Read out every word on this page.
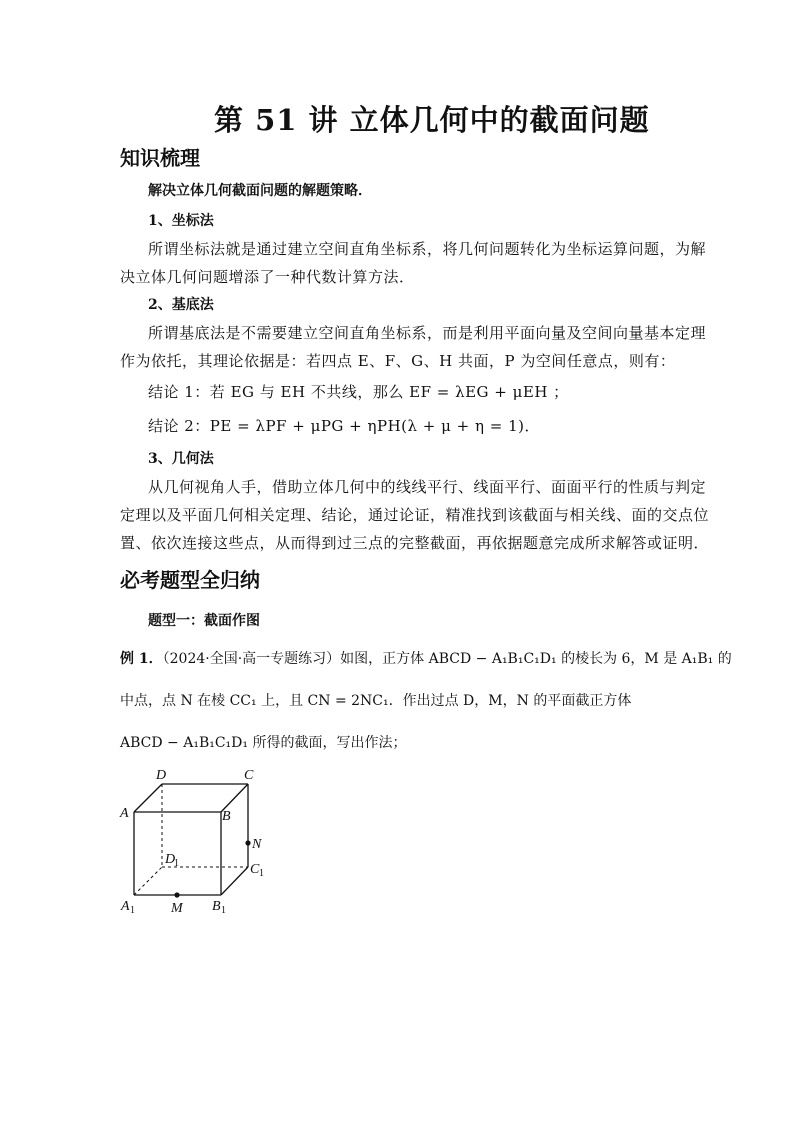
第 51 讲 立体几何中的截面问题
知识梳理
解决立体几何截面问题的解题策略．
1、坐标法
所谓坐标法就是通过建立空间直角坐标系，将几何问题转化为坐标运算问题，为解
决立体几何问题增添了一种代数计算方法．
2、基底法
所谓基底法是不需要建立空间直角坐标系，而是利用平面向量及空间向量基本定理
作为依托，其理论依据是：若四点 E、F、G、H 共面，P 为空间任意点，则有：
结论 1：若 EG 与 EH 不共线，那么 EF = λEG + μEH ；
结论 2：PE = λPF + μPG + ηPH(λ + μ + η = 1)．
3、几何法
从几何视角人手，借助立体几何中的线线平行、线面平行、面面平行的性质与判定
定理以及平面几何相关定理、结论，通过论证，精准找到该截面与相关线、面的交点位
置、依次连接这些点，从而得到过三点的完整截面，再依据题意完成所求解答或证明．
必考题型全归纳
题型一：截面作图
例 1．（2024·全国·高一专题练习）如图，正方体 ABCD − A₁B₁C₁D₁ 的棱长为 6，M 是 A₁B₁ 的
中点，点 N 在棱 CC₁ 上，且 CN = 2NC₁．作出过点 D，M，N 的平面截正方体
ABCD − A₁B₁C₁D₁ 所得的截面，写出作法；
D	C
A	B
N
D
1	C 1
A 1	M B 1
